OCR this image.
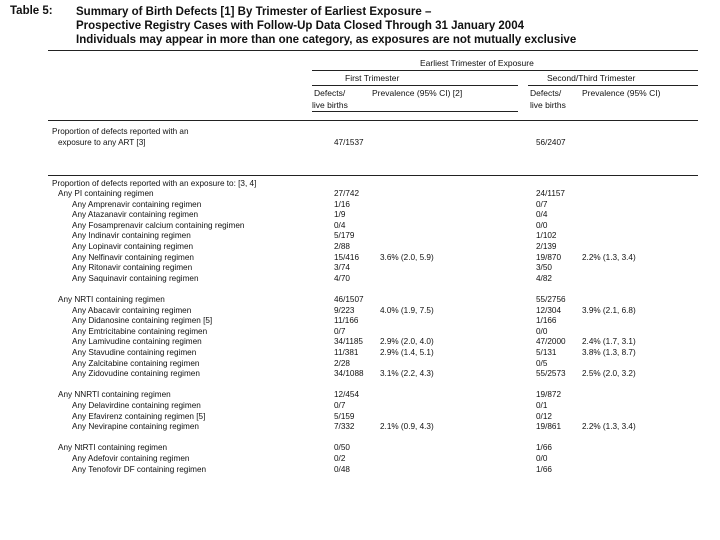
Table 5: Summary of Birth Defects [1] By Trimester of Earliest Exposure –
Prospective Registry Cases with Follow-Up Data Closed Through 31 January 2004
Individuals may appear in more than one category, as exposures are not mutually exclusive
Earliest Trimester of Exposure
First Trimester	Second/Third Trimester
Defects/
live births
Prevalence (95% CI) [2]	Defects/
live births
Prevalence (95% CI)
Proportion of defects reported with an
exposure to any ART [3]	47/1537	56/2407
Proportion of defects reported with an exposure to: [3, 4]
Any PI containing regimen	27/742	24/1157
Any Amprenavir containing regimen	1/16	0/7
Any Atazanavir containing regimen	1/9	0/4
Any Fosamprenavir calcium containing regimen	0/4	0/0
Any Indinavir containing regimen	5/179	1/102
Any Lopinavir containing regimen	2/88	2/139
Any Nelfinavir containing regimen	15/416	3.6% (2.0, 5.9)	19/870	2.2% (1.3, 3.4)
Any Ritonavir containing regimen	3/74	3/50
Any Saquinavir containing regimen	4/70	4/82
Any NRTI containing regimen	46/1507	55/2756
Any Abacavir containing regimen	9/223	4.0% (1.9, 7.5)	12/304	3.9% (2.1, 6.8)
Any Didanosine containing regimen [5]	11/166	1/166
Any Emtricitabine containing regimen	0/7	0/0
Any Lamivudine containing regimen	34/1185 2.9% (2.0, 4.0)	47/2000 2.4% (1.7, 3.1)
Any Stavudine containing regimen	11/381	2.9% (1.4, 5.1)	5/131	3.8% (1.3, 8.7)
Any Zalcitabine containing regimen	2/28	0/5
Any Zidovudine containing regimen	34/1088 3.1% (2.2, 4.3)	55/2573 2.5% (2.0, 3.2)
Any NNRTI containing regimen	12/454	19/872
Any Delavirdine containing regimen	0/7	0/1
Any Efavirenz containing regimen [5]	5/159	0/12
Any Nevirapine containing regimen	7/332	2.1% (0.9, 4.3)	19/861	2.2% (1.3, 3.4)
Any NtRTI containing regimen	0/50	1/66
Any Adefovir containing regimen	0/2	0/0
Any Tenofovir DF containing regimen	0/48	1/66
